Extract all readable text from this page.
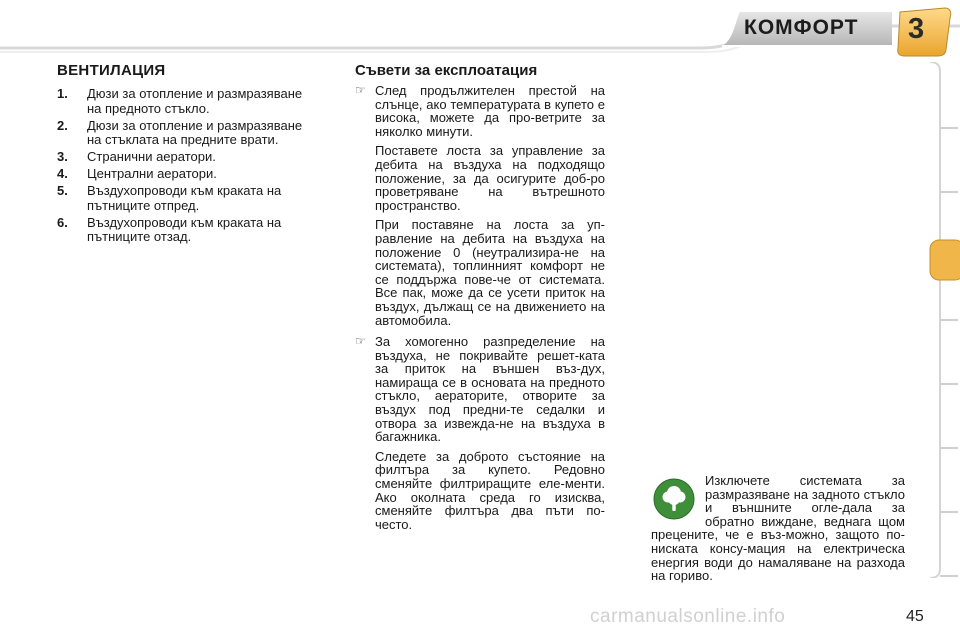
КОМФОРТ 3
ВЕНТИЛАЦИЯ
1.	Дюзи за отопление и размразяване на предното стъкло.
2.	Дюзи за отопление и размразяване на стъклата на предните врати.
3.	Странични аератори.
4.	Централни аератори.
5.	Въздухопроводи към краката на пътниците отпред.
6.	Въздухопроводи към краката на пътниците отзад.
Съвети за експлоатация
☞ След продължителен престой на слънце, ако температурата в купето е висока, можете да про-ветрите за няколко минути.

Поставете лоста за управление за дебита на въздуха на подходящо положение, за да осигурите доб-ро проветряване на вътрешното пространство.

При поставяне на лоста за уп-равление на дебита на въздуха на положение 0 (неутрализира-не на системата), топлинният комфорт не се поддържа пове-че от системата. Все пак, може да се усети приток на въздух, дължащ се на движението на автомобила.

☞ За хомогенно разпределение на въздуха, не покривайте решет-ката за приток на външен въз-дух, намираща се в основата на предното стъкло, аераторите, отворите за въздух под предни-те седалки и отвора за извежда-не на въздуха в багажника.

Следете за доброто състояние на филтъра за купето. Редовно сменяйте филтриращите еле-менти. Ако околната среда го изисква, сменяйте филтъра два пъти по-често.

Изключете системата за размразяване на задното стъкло и външните огле-дала за обратно виждане, веднага щом прецените, че е въз-можно, защото по-ниската консу-мация на електрическа енергия води до намаляване на разхода на гориво.
45
carmanualsonline.info
